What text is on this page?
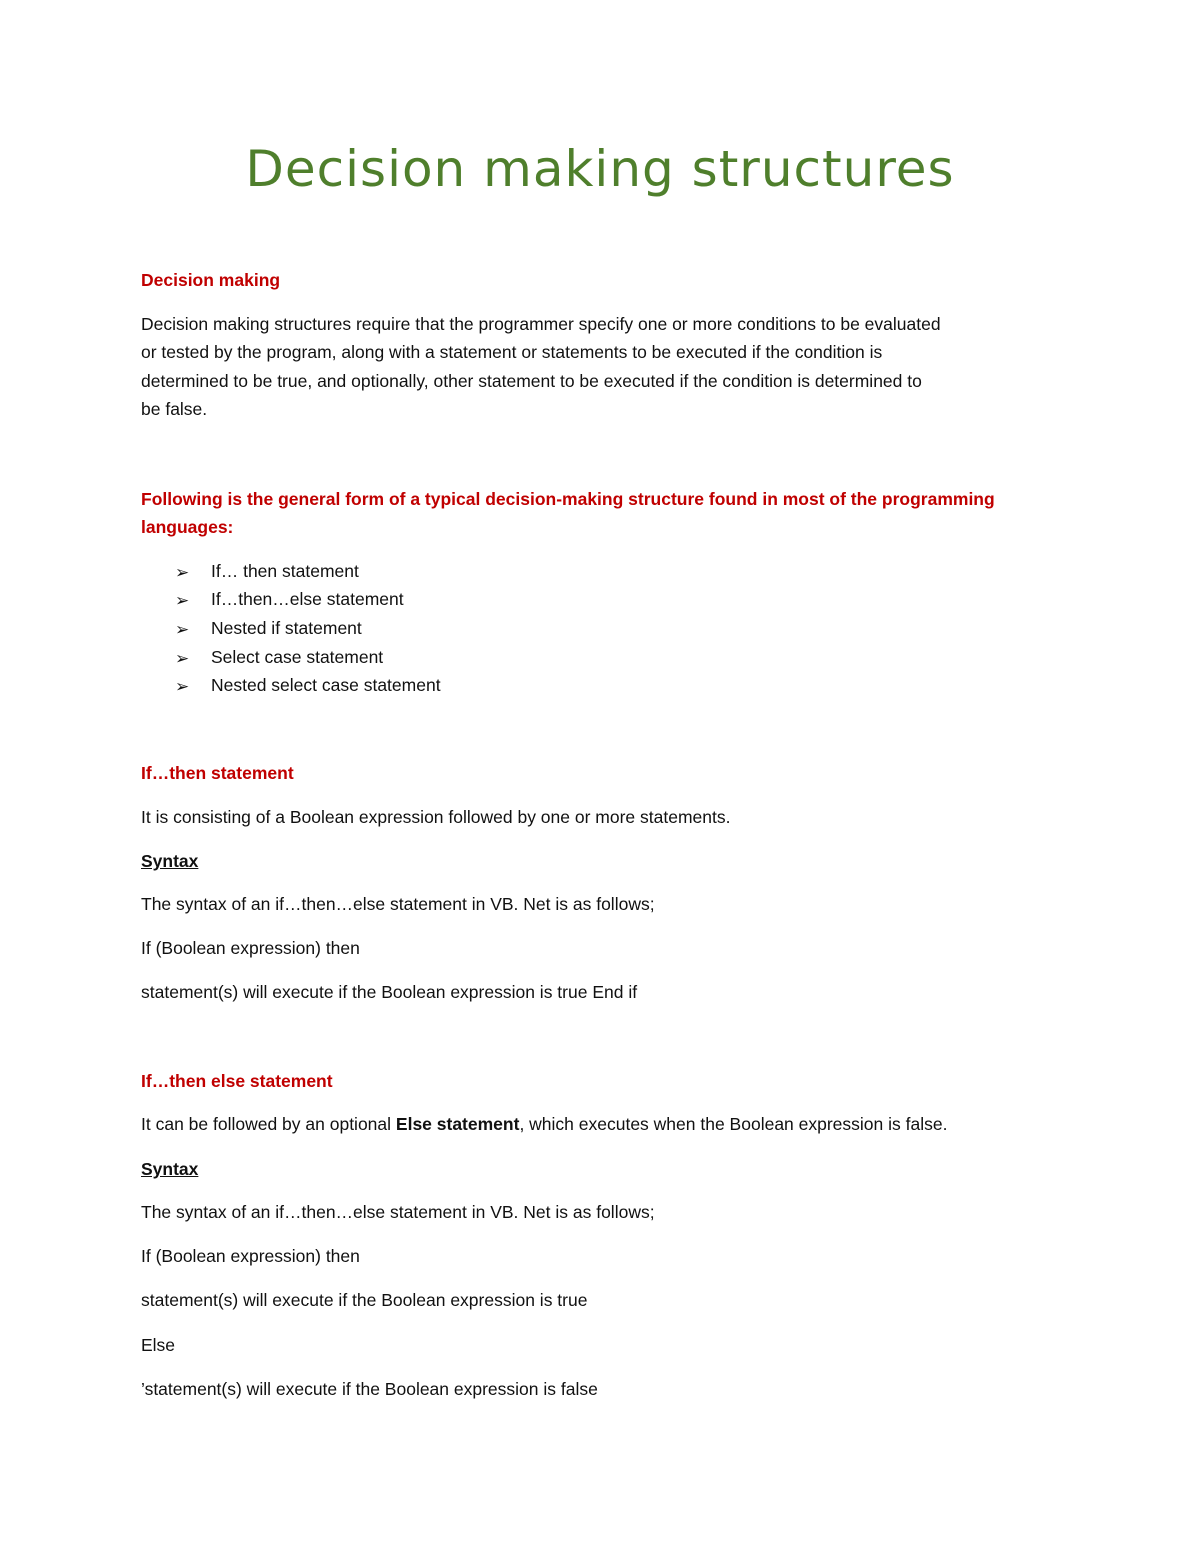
Decision making structures

Decision making

Decision making structures require that the programmer specify one or more conditions to be evaluated

or tested by the program, along with a statement or statements to be executed if the condition is

determined to be true, and optionally, other statement to be executed if the condition is determined to

be false.

Following is the general form of a typical decision-making structure found in most of the programming

languages:

➢ If… then statement
➢ If…then…else statement
➢ Nested if statement
➢ Select case statement
➢ Nested select case statement

If…then statement

It is consisting of a Boolean expression followed by one or more statements.

Syntax

The syntax of an if…then…else statement in VB. Net is as follows;

If (Boolean expression) then

statement(s) will execute if the Boolean expression is true End if

If…then else statement

It can be followed by an optional Else statement, which executes when the Boolean expression is false.

Syntax

The syntax of an if…then…else statement in VB. Net is as follows;

If (Boolean expression) then

statement(s) will execute if the Boolean expression is true

Else

’statement(s) will execute if the Boolean expression is false
